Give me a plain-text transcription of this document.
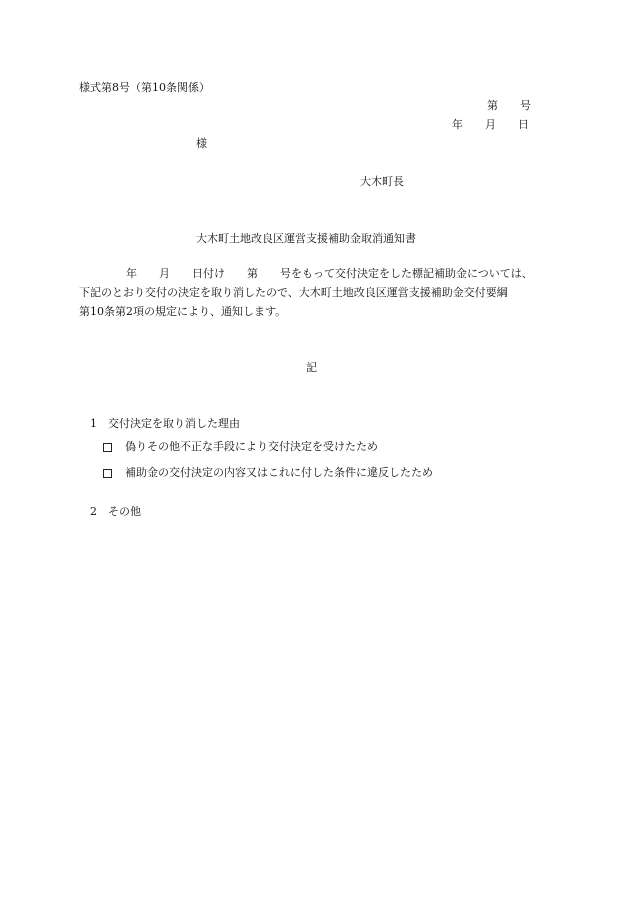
様式第8号（第10条関係）
第　　号
年　　月　　日
様
大木町長
大木町土地改良区運営支援補助金取消通知書
年　　月　　日付け　　第　　号をもって交付決定をした標記補助金については、
下記のとおり交付の決定を取り消したので、大木町土地改良区運営支援補助金交付要綱
第10条第2項の規定により、通知します。
記
1　交付決定を取り消した理由
偽りその他不正な手段により交付決定を受けたため
補助金の交付決定の内容又はこれに付した条件に違反したため
2　その他
